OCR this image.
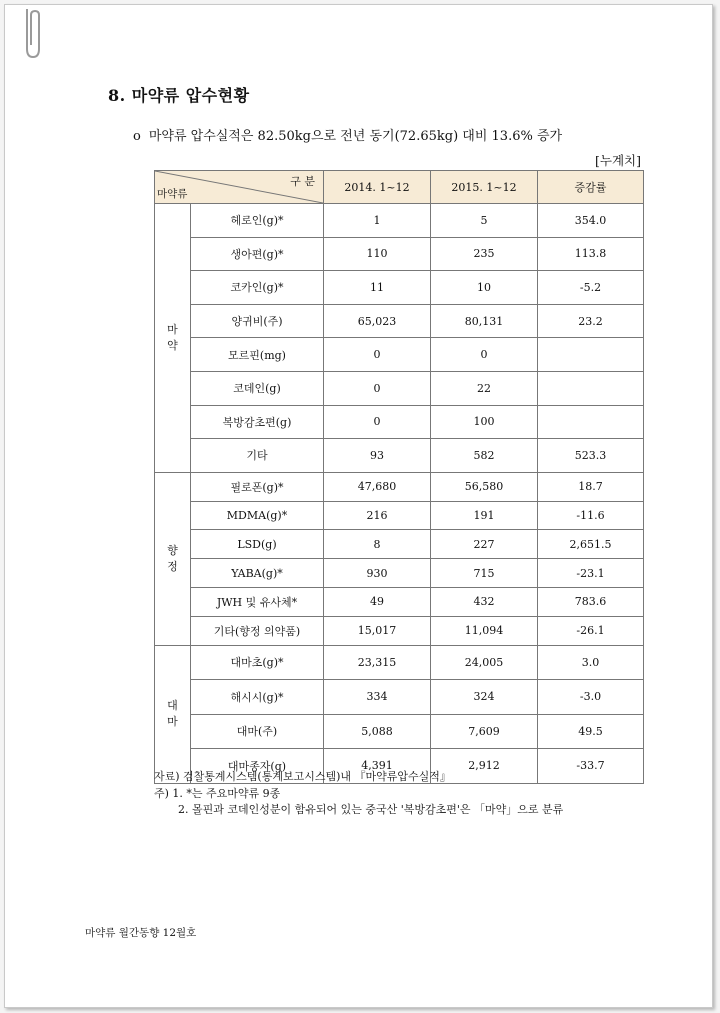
8. 마약류 압수현황
o 마약류 압수실적은 82.50kg으로 전년 동기(72.65kg) 대비 13.6% 증가
[누계치]
구 분
마약류		2014. 1~12	2015. 1~12	증감률
마
약	헤로인(g)*	1	5	354.0
	생아편(g)*	110	235	113.8
	코카인(g)*	11	10	-5.2
	양귀비(주)	65,023	80,131	23.2
	모르핀(mg)	0	0	
	코데인(g)	0	22	
	복방감초편(g)	0	100	
	기타	93	582	523.3
향
정	필로폰(g)*	47,680	56,580	18.7
	MDMA(g)*	216	191	-11.6
	LSD(g)	8	227	2,651.5
	YABA(g)*	930	715	-23.1
	JWH 및 유사체*	49	432	783.6
	기타(향정 의약품)	15,017	11,094	-26.1
대
마	대마초(g)*	23,315	24,005	3.0
	해시시(g)*	334	324	-3.0
	대마(주)	5,088	7,609	49.5
	대마종자(g)	4,391	2,912	-33.7
자료) 검찰통계시스템(통계보고시스템)내 『마약류압수실적』
주) 1. *는 주요마약류 9종
2. 몰핀과 코데인성분이 함유되어 있는 중국산 '복방감초편'은 「마약」으로 분류
마약류 월간동향 12월호
